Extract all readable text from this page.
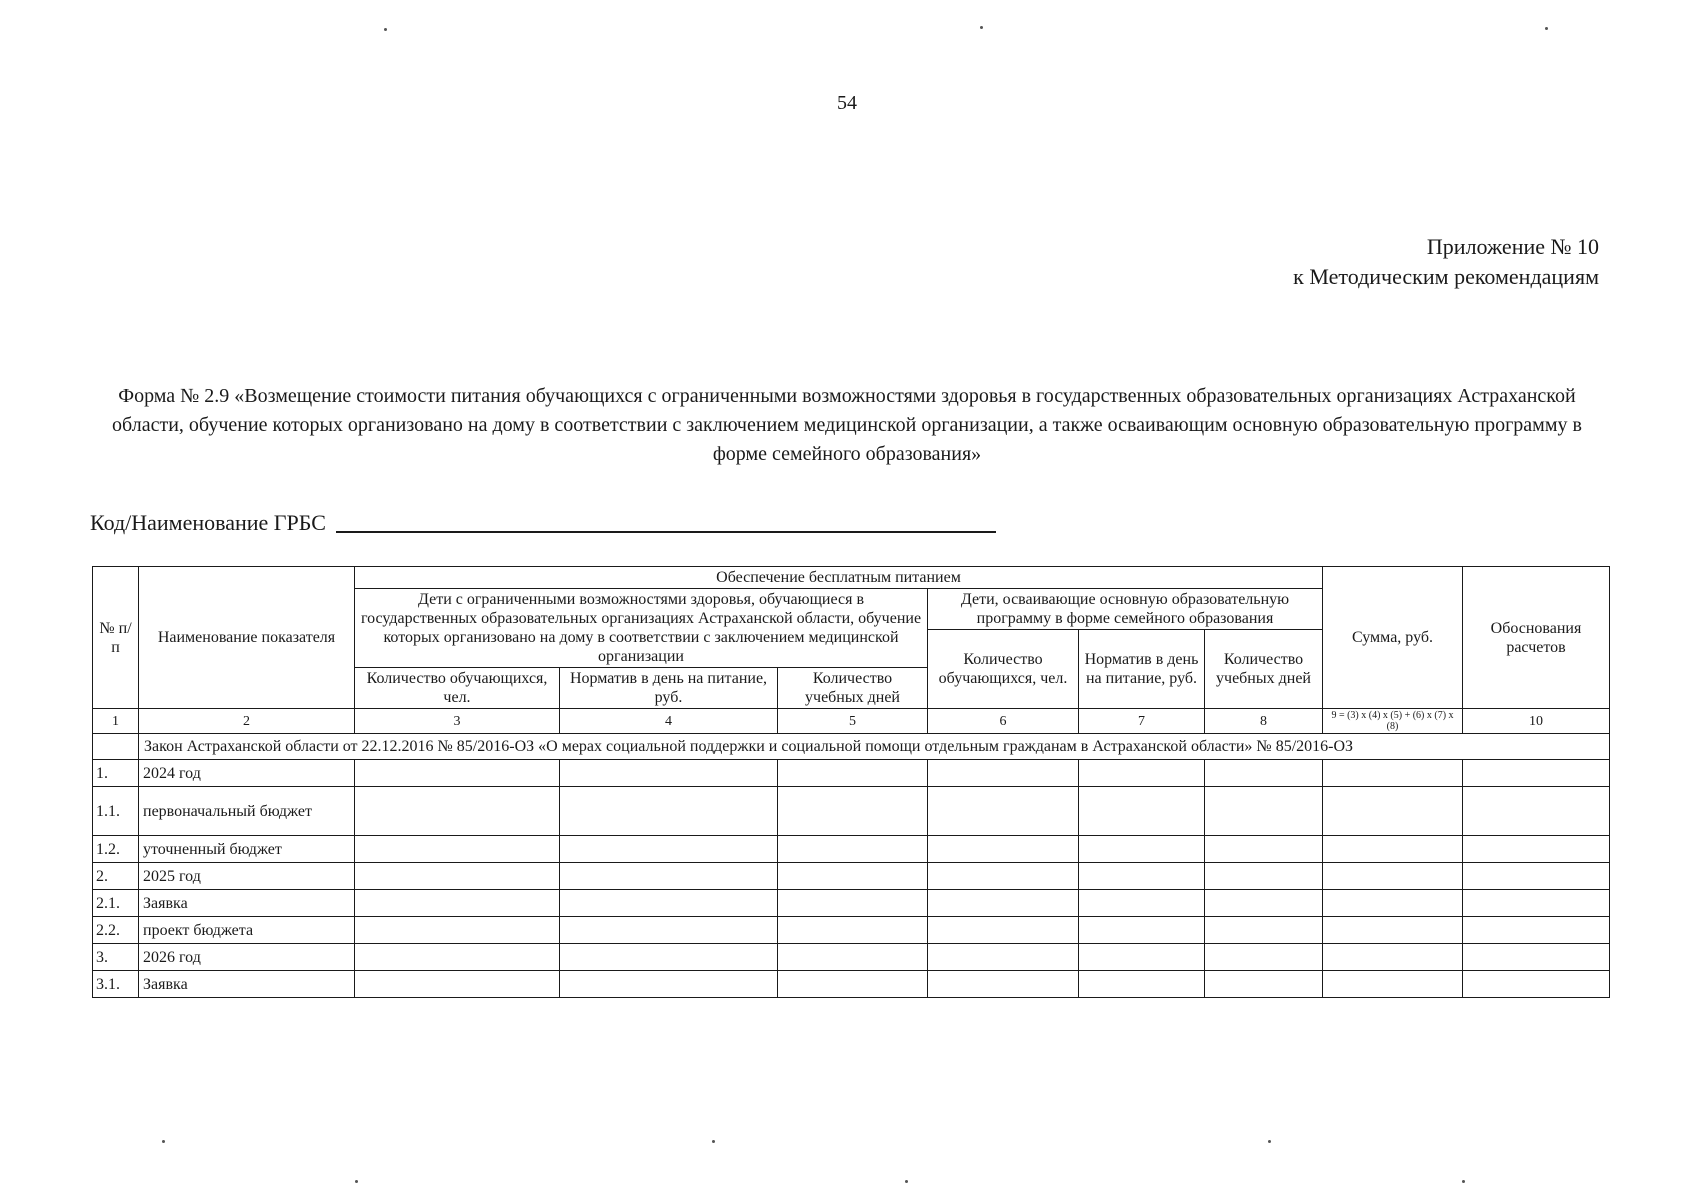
54
Приложение № 10
к Методическим рекомендациям
Форма № 2.9 «Возмещение стоимости питания обучающихся с ограниченными возможностями здоровья в государственных образовательных организациях Астраханской области, обучение которых организовано на дому в соответствии с заключением медицинской организации, а также осваивающим основную образовательную программу в форме семейного образования»
Код/Наименование ГРБС
№ п/п	Наименование показателя	Обеспечение бесплатным питанием						Сумма, руб.	Обоснования расчетов
		Дети с ограниченными возможностями здоровья, обучающиеся в государственных образовательных организациях Астраханской области, обучение которых организовано на дому в соответствии с заключением медицинской организации			Дети, осваивающие основную образовательную программу в форме семейного образования				
					Количество обучающихся, чел.	Норматив в день на питание, руб.	Количество учебных дней		
		Количество обучающихся, чел.	Норматив в день на питание, руб.	Количество учебных дней					
1	2	3	4	5	6	7	8	9 = (3) x (4) x (5) + (6) x (7) x (8)	10
	Закон Астраханской области от 22.12.2016 № 85/2016-ОЗ «О мерах социальной поддержки и социальной помощи отдельным гражданам в Астраханской области» № 85/2016-ОЗ								
1.	2024 год								
1.1.	первоначальный бюджет								
1.2.	уточненный бюджет								
2.	2025 год								
2.1.	Заявка								
2.2.	проект бюджета								
3.	2026 год								
3.1.	Заявка								
